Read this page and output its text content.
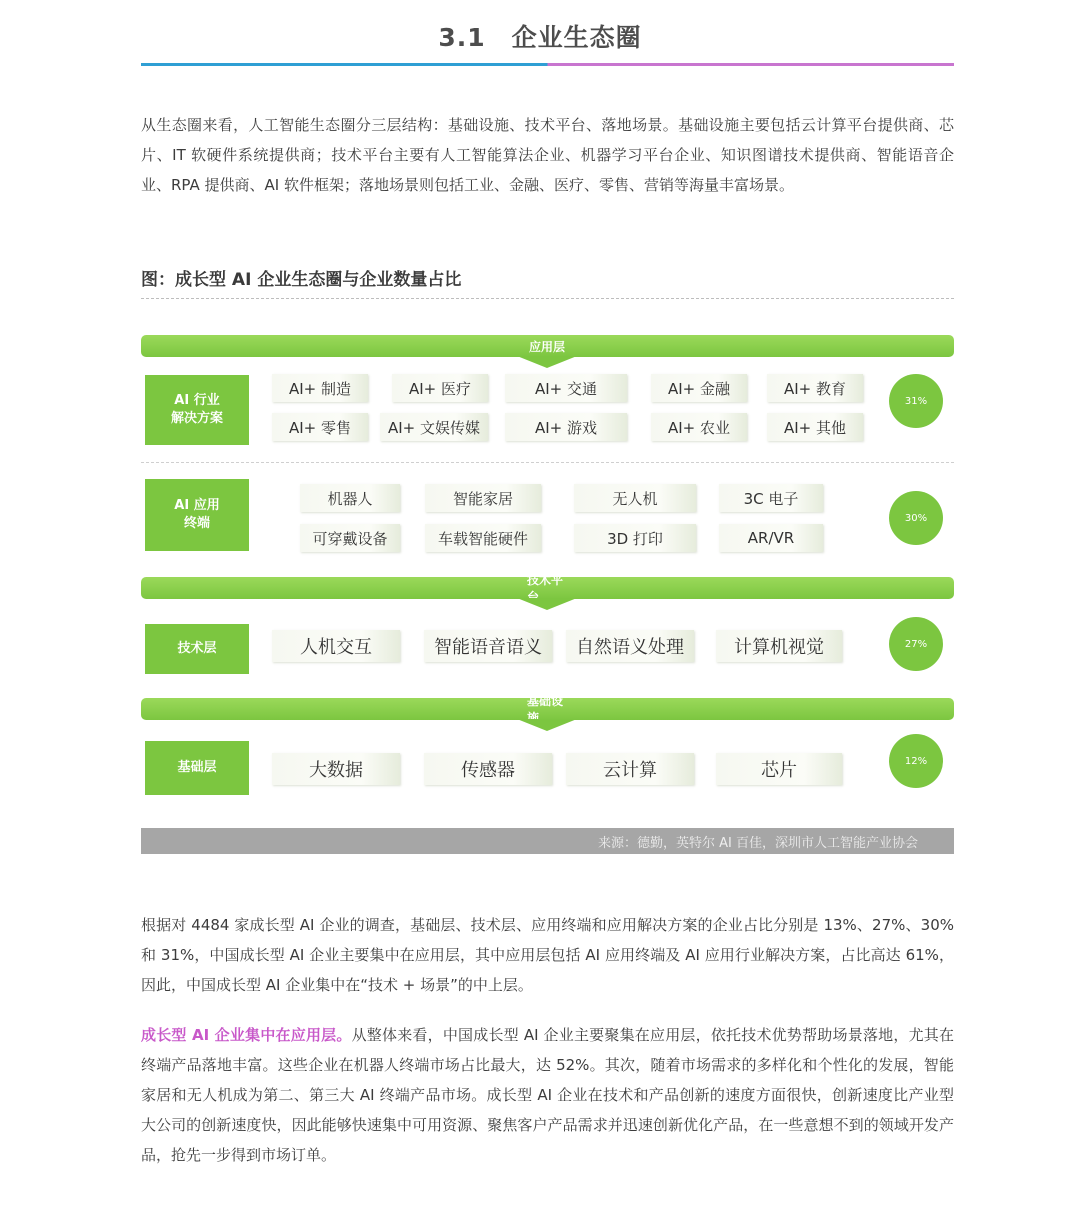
3.1 企业生态圈

从生态圈来看，人工智能生态圈分三层结构：基础设施、技术平台、落地场景。基础设施主要包括云计算平台提供商、芯片、IT 软硬件系统提供商；技术平台主要有人工智能算法企业、机器学习平台企业、知识图谱技术提供商、智能语音企业、RPA 提供商、AI 软件框架；落地场景则包括工业、金融、医疗、零售、营销等海量丰富场景。

图：成长型 AI 企业生态圈与企业数量占比
应用层
AI 行业
解决方案
AI+ 制造	AI+ 医疗	AI+ 交通	AI+ 金融	AI+ 教育
AI+ 零售	AI+ 文娱传媒	AI+ 游戏	AI+ 农业	AI+ 其他
31%
AI 应用
终端
机器人	智能家居	无人机	3C 电子
可穿戴设备	车载智能硬件	3D 打印	AR/VR
30%
技术平台
技术层	人机交互	智能语音语义	自然语义处理	计算机视觉	27%
基础设施
基础层	大数据	传感器	云计算	芯片	12%
来源：德勤，英特尔 AI 百佳，深圳市人工智能产业协会

根据对 4484 家成长型 AI 企业的调查，基础层、技术层、应用终端和应用解决方案的企业占比分别是 13%、27%、30% 和 31%，中国成长型 AI 企业主要集中在应用层，其中应用层包括 AI 应用终端及 AI 应用行业解决方案，占比高达 61%，因此，中国成长型 AI 企业集中在“技术 + 场景”的中上层。

成长型 AI 企业集中在应用层。从整体来看，中国成长型 AI 企业主要聚集在应用层，依托技术优势帮助场景落地，尤其在终端产品落地丰富。这些企业在机器人终端市场占比最大，达 52%。其次，随着市场需求的多样化和个性化的发展，智能家居和无人机成为第二、第三大 AI 终端产品市场。成长型 AI 企业在技术和产品创新的速度方面很快，创新速度比产业型大公司的创新速度快，因此能够快速集中可用资源、聚焦客户产品需求并迅速创新优化产品，在一些意想不到的领域开发产品，抢先一步得到市场订单。
